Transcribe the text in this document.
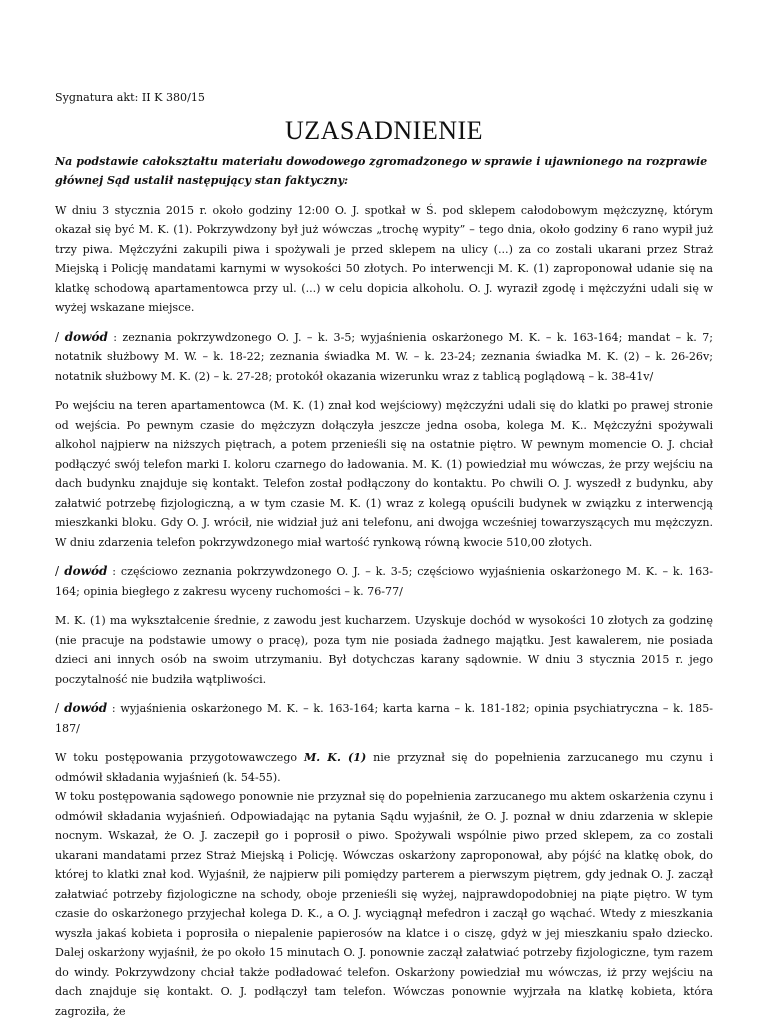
Sygnatura akt: II K 380/15
UZASADNIENIE
Na podstawie całokształtu materiału dowodowego zgromadzonego w sprawie i ujawnionego na rozprawie głównej Sąd ustalił następujący stan faktyczny:
W dniu 3 stycznia 2015 r. około godziny 12:00 O. J. spotkał w Ś. pod sklepem całodobowym mężczyznę, którym okazał się być M. K. (1). Pokrzywdzony był już wówczas „trochę wypity” – tego dnia, około godziny 6 rano wypił już trzy piwa. Mężczyźni zakupili piwa i spożywali je przed sklepem na ulicy (...) za co zostali ukarani przez Straż Miejską i Policję mandatami karnymi w wysokości 50 złotych. Po interwencji M. K. (1) zaproponował udanie się na klatkę schodową apartamentowca przy ul. (...) w celu dopicia alkoholu. O. J. wyraził zgodę i mężczyźni udali się w wyżej wskazane miejsce.
/ dowód : zeznania pokrzywdzonego O. J. – k. 3-5; wyjaśnienia oskarżonego M. K. – k. 163-164; mandat – k. 7; notatnik służbowy M. W. – k. 18-22; zeznania świadka M. W. – k. 23-24; zeznania świadka M. K. (2) – k. 26-26v; notatnik służbowy M. K. (2) – k. 27-28; protokół okazania wizerunku wraz z tablicą poglądową – k. 38-41v/
Po wejściu na teren apartamentowca (M. K. (1) znał kod wejściowy) mężczyźni udali się do klatki po prawej stronie od wejścia. Po pewnym czasie do mężczyzn dołączyła jeszcze jedna osoba, kolega M. K.. Mężczyźni spożywali alkohol najpierw na niższych piętrach, a potem przenieśli się na ostatnie piętro. W pewnym momencie O. J. chciał podłączyć swój telefon marki I. koloru czarnego do ładowania. M. K. (1) powiedział mu wówczas, że przy wejściu na dach budynku znajduje się kontakt. Telefon został podłączony do kontaktu. Po chwili O. J. wyszedł z budynku, aby załatwić potrzebę fizjologiczną, a w tym czasie M. K. (1) wraz z kolegą opuścili budynek w związku z interwencją mieszkanki bloku. Gdy O. J. wrócił, nie widział już ani telefonu, ani dwojga wcześniej towarzyszących mu mężczyzn. W dniu zdarzenia telefon pokrzywdzonego miał wartość rynkową równą kwocie 510,00 złotych.
/ dowód : częściowo zeznania pokrzywdzonego O. J. – k. 3-5; częściowo wyjaśnienia oskarżonego M. K. – k. 163-164; opinia biegłego z zakresu wyceny ruchomości – k. 76-77/
M. K. (1) ma wykształcenie średnie, z zawodu jest kucharzem. Uzyskuje dochód w wysokości 10 złotych za godzinę (nie pracuje na podstawie umowy o pracę), poza tym nie posiada żadnego majątku. Jest kawalerem, nie posiada dzieci ani innych osób na swoim utrzymaniu. Był dotychczas karany sądownie. W dniu 3 stycznia 2015 r. jego poczytalność nie budziła wątpliwości.
/ dowód : wyjaśnienia oskarżonego M. K. – k. 163-164; karta karna – k. 181-182; opinia psychiatryczna – k. 185-187/
W toku postępowania przygotowawczego M. K. (1) nie przyznał się do popełnienia zarzucanego mu czynu i odmówił składania wyjaśnień (k. 54-55).
W toku postępowania sądowego ponownie nie przyznał się do popełnienia zarzucanego mu aktem oskarżenia czynu i odmówił składania wyjaśnień. Odpowiadając na pytania Sądu wyjaśnił, że O. J. poznał w dniu zdarzenia w sklepie nocnym. Wskazał, że O. J. zaczepił go i poprosił o piwo. Spożywali wspólnie piwo przed sklepem, za co zostali ukarani mandatami przez Straż Miejską i Policję. Wówczas oskarżony zaproponował, aby pójść na klatkę obok, do której to klatki znał kod. Wyjaśnił, że najpierw pili pomiędzy parterem a pierwszym piętrem, gdy jednak O. J. zaczął załatwiać potrzeby fizjologiczne na schody, oboje przenieśli się wyżej, najprawdopodobniej na piąte piętro. W tym czasie do oskarżonego przyjechał kolega D. K., a O. J. wyciągnął mefedron i zaczął go wąchać. Wtedy z mieszkania wyszła jakaś kobieta i poprosiła o niepalenie papierosów na klatce i o ciszę, gdyż w jej mieszkaniu spało dziecko. Dalej oskarżony wyjaśnił, że po około 15 minutach O. J. ponownie zaczął załatwiać potrzeby fizjologiczne, tym razem do windy. Pokrzywdzony chciał także podładować telefon. Oskarżony powiedział mu wówczas, iż przy wejściu na dach znajduje się kontakt. O. J. podłączył tam telefon. Wówczas ponownie wyjrzała na klatkę kobieta, która zagroziła, że
